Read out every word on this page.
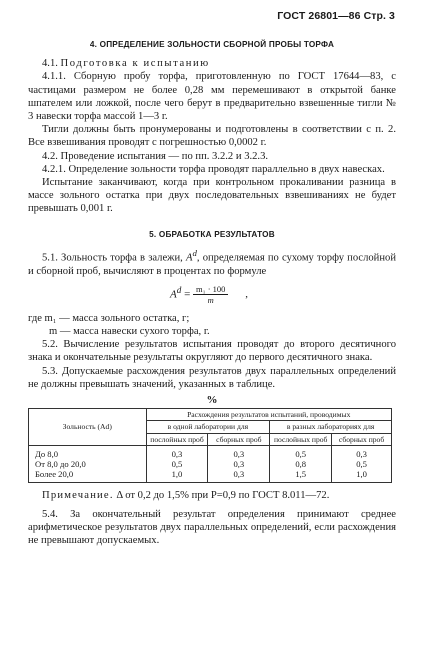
ГОСТ 26801—86 Стр. 3
4. ОПРЕДЕЛЕНИЕ ЗОЛЬНОСТИ СБОРНОЙ ПРОБЫ ТОРФА

4.1. Подготовка к испытанию

4.1.1. Сборную пробу торфа, приготовленную по ГОСТ 17644—83, с частицами размером не более 0,28 мм перемешивают в открытой банке шпателем или ложкой, после чего берут в предварительно взвешенные тигли № 3 навески торфа массой 1—3 г.

Тигли должны быть пронумерованы и подготовлены в соответствии с п. 2. Все взвешивания проводят с погрешностью 0,0002 г.

4.2. Проведение испытания — по пп. 3.2.2 и 3.2.3.

4.2.1. Определение зольности торфа проводят параллельно в двух навесках.

Испытание заканчивают, когда при контрольном прокаливании разница в массе зольного остатка при двух последовательных взвешиваниях не будет превышать 0,001 г.

5. ОБРАБОТКА РЕЗУЛЬТАТОВ

5.1. Зольность торфа в залежи, $A^d$, определяемая по сухому торфу послойной и сборной проб, вычисляют в процентах по формуле

$A^d = \frac{\text{m₁ · 100}}{m}$ ,

где m₁ — масса зольного остатка, г;

m — масса навески сухого торфа, г.

5.2. Вычисление результатов испытания проводят до второго десятичного знака и окончательные результаты округляют до первого десятичного знака.

5.3. Допускаемые расхождения результатов двух параллельных определений не должны превышать значений, указанных в таблице.

%
Зольность (Ad)	Расхождения результатов испытаний, проводимых			
	в одной лаборатории для		в разных лабораториях для	
	послойных проб	сборных проб	послойных проб	сборных проб
До 8,0	0,3	0,3	0,5	0,3
От 8,0 до 20,0	0,5	0,3	0,8	0,5
Более 20,0	1,0	0,3	1,5	1,0

Примечание. Δ от 0,2 до 1,5% при P=0,9 по ГОСТ 8.011—72.

5.4. За окончательный результат определения принимают среднее арифметическое результатов двух параллельных определений, если расхождения не превышают допускаемых.
